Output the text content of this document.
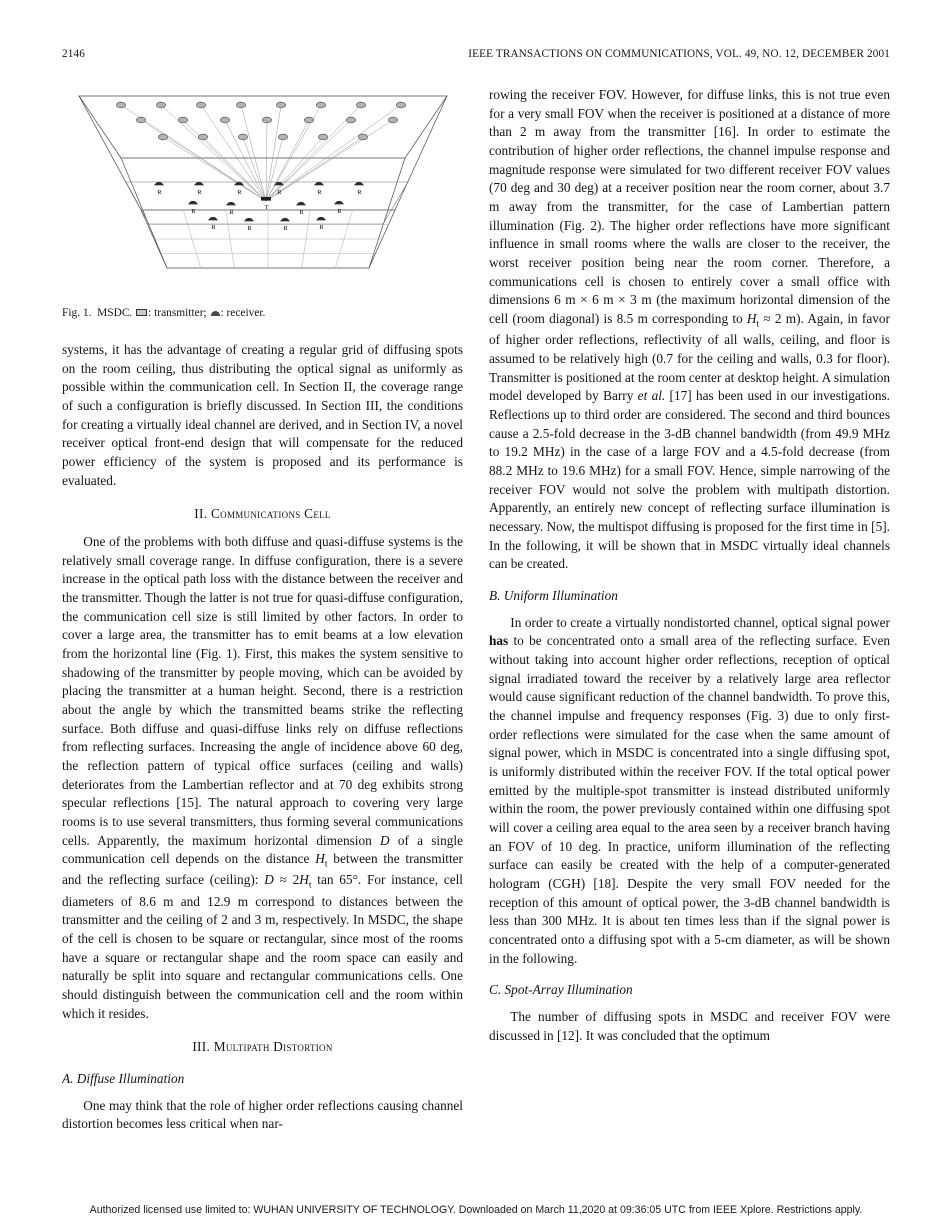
2146	IEEE TRANSACTIONS ON COMMUNICATIONS, VOL. 49, NO. 12, DECEMBER 2001
R	R	R	R	R	R
R	R	R	R
R	R	R	R
T
Fig. 1.  MSDC. : transmitter; : receiver.

systems, it has the advantage of creating a regular grid of diffusing spots on the room ceiling, thus distributing the optical signal as uniformly as possible within the communication cell. In Section II, the coverage range of such a configuration is briefly discussed. In Section III, the conditions for creating a virtually ideal channel are derived, and in Section IV, a novel receiver optical front-end design that will compensate for the reduced power efficiency of the system is proposed and its performance is evaluated.

II. Communications Cell

One of the problems with both diffuse and quasi-diffuse systems is the relatively small coverage range. In diffuse configuration, there is a severe increase in the optical path loss with the distance between the receiver and the transmitter. Though the latter is not true for quasi-diffuse configuration, the communication cell size is still limited by other factors. In order to cover a large area, the transmitter has to emit beams at a low elevation from the horizontal line (Fig. 1). First, this makes the system sensitive to shadowing of the transmitter by people moving, which can be avoided by placing the transmitter at a human height. Second, there is a restriction about the angle by which the transmitted beams strike the reflecting surface. Both diffuse and quasi-diffuse links rely on diffuse reflections from reflecting surfaces. Increasing the angle of incidence above 60 deg, the reflection pattern of typical office surfaces (ceiling and walls) deteriorates from the Lambertian reflector and at 70 deg exhibits strong specular reflections [15]. The natural approach to covering very large rooms is to use several transmitters, thus forming several communications cells. Apparently, the maximum horizontal dimension D of a single communication cell depends on the distance $H_t$ between the transmitter and the reflecting surface (ceiling): $D \approx 2H_t$ tan 65°. For instance, cell diameters of 8.6 m and 12.9 m correspond to distances between the transmitter and the ceiling of 2 and 3 m, respectively. In MSDC, the shape of the cell is chosen to be square or rectangular, since most of the rooms have a square or rectangular shape and the room space can easily and naturally be split into square and rectangular communications cells. One should distinguish between the communication cell and the room within which it resides.

III. Multipath Distortion
A. Diffuse Illumination

One may think that the role of higher order reflections causing channel distortion becomes less critical when nar-

rowing the receiver FOV. However, for diffuse links, this is not true even for a very small FOV when the receiver is positioned at a distance of more than 2 m away from the transmitter [16]. In order to estimate the contribution of higher order reflections, the channel impulse response and magnitude response were simulated for two different receiver FOV values (70 deg and 30 deg) at a receiver position near the room corner, about 3.7 m away from the transmitter, for the case of Lambertian pattern illumination (Fig. 2). The higher order reflections have more significant influence in small rooms where the walls are closer to the receiver, the worst receiver position being near the room corner. Therefore, a communications cell is chosen to entirely cover a small office with dimensions 6 m × 6 m × 3 m (the maximum horizontal dimension of the cell (room diagonal) is 8.5 m corresponding to $H_t \approx 2$ m). Again, in favor of higher order reflections, reflectivity of all walls, ceiling, and floor is assumed to be relatively high (0.7 for the ceiling and walls, 0.3 for floor). Transmitter is positioned at the room center at desktop height. A simulation model developed by Barry et al. [17] has been used in our investigations. Reflections up to third order are considered. The second and third bounces cause a 2.5-fold decrease in the 3-dB channel bandwidth (from 49.9 MHz to 19.2 MHz) in the case of a large FOV and a 4.5-fold decrease (from 88.2 MHz to 19.6 MHz) for a small FOV. Hence, simple narrowing of the receiver FOV would not solve the problem with multipath distortion. Apparently, an entirely new concept of reflecting surface illumination is necessary. Now, the multispot diffusing is proposed for the first time in [5]. In the following, it will be shown that in MSDC virtually ideal channels can be created.

B. Uniform Illumination

In order to create a virtually nondistorted channel, optical signal power has to be concentrated onto a small area of the reflecting surface. Even without taking into account higher order reflections, reception of optical signal irradiated toward the receiver by a relatively large area reflector would cause significant reduction of the channel bandwidth. To prove this, the channel impulse and frequency responses (Fig. 3) due to only first-order reflections were simulated for the case when the same amount of signal power, which in MSDC is concentrated into a single diffusing spot, is uniformly distributed within the receiver FOV. If the total optical power emitted by the multiple-spot transmitter is instead distributed uniformly within the room, the power previously contained within one diffusing spot will cover a ceiling area equal to the area seen by a receiver branch having an FOV of 10 deg. In practice, uniform illumination of the reflecting surface can easily be created with the help of a computer-generated hologram (CGH) [18]. Despite the very small FOV needed for the reception of this amount of optical power, the 3-dB channel bandwidth is less than 300 MHz. It is about ten times less than if the signal power is concentrated onto a diffusing spot with a 5-cm diameter, as will be shown in the following.

C. Spot-Array Illumination

The number of diffusing spots in MSDC and receiver FOV were discussed in [12]. It was concluded that the optimum

Authorized licensed use limited to: WUHAN UNIVERSITY OF TECHNOLOGY. Downloaded on March 11,2020 at 09:36:05 UTC from IEEE Xplore. Restrictions apply.
